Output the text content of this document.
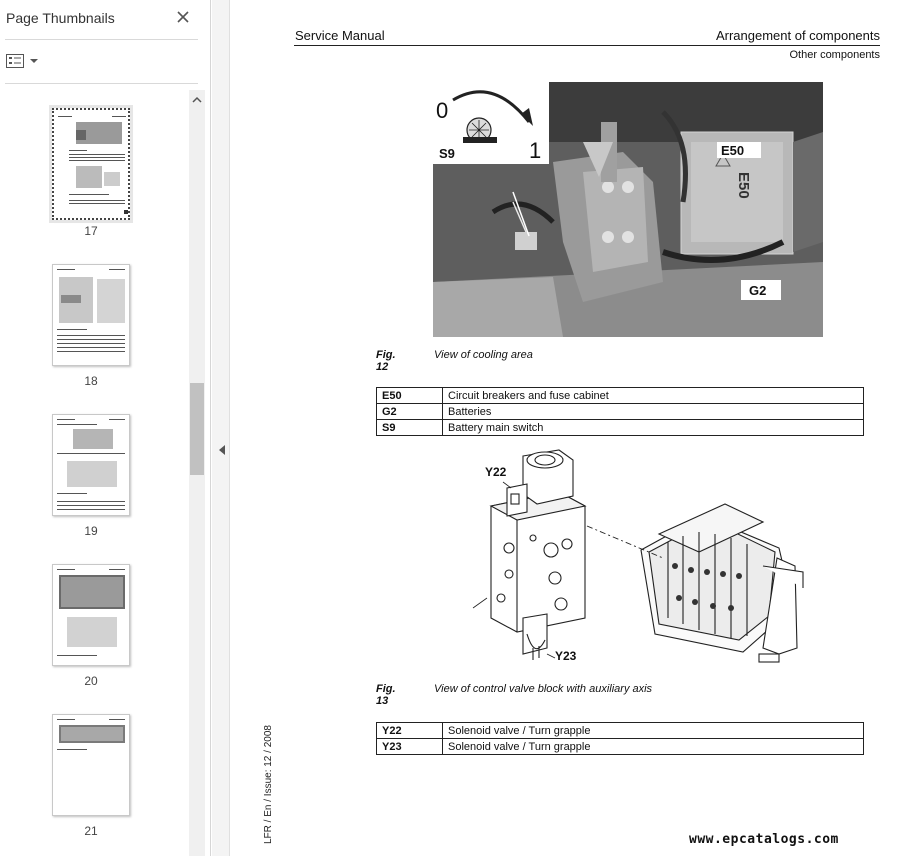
Page Thumbnails
17
18
19
20
21
Service Manual	Arrangement of components
Other components
0
1
S9	E50
E50
G2
Fig. 12
View of cooling area
E50	Circuit breakers and fuse cabinet
G2	Batteries
S9	Battery main switch
Y22
Y23
Fig. 13
View of control valve block with auxiliary axis
Y22	Solenoid valve / Turn grapple
Y23	Solenoid valve / Turn grapple
LFR / En / Issue: 12 / 2008	www.epcatalogs.com
